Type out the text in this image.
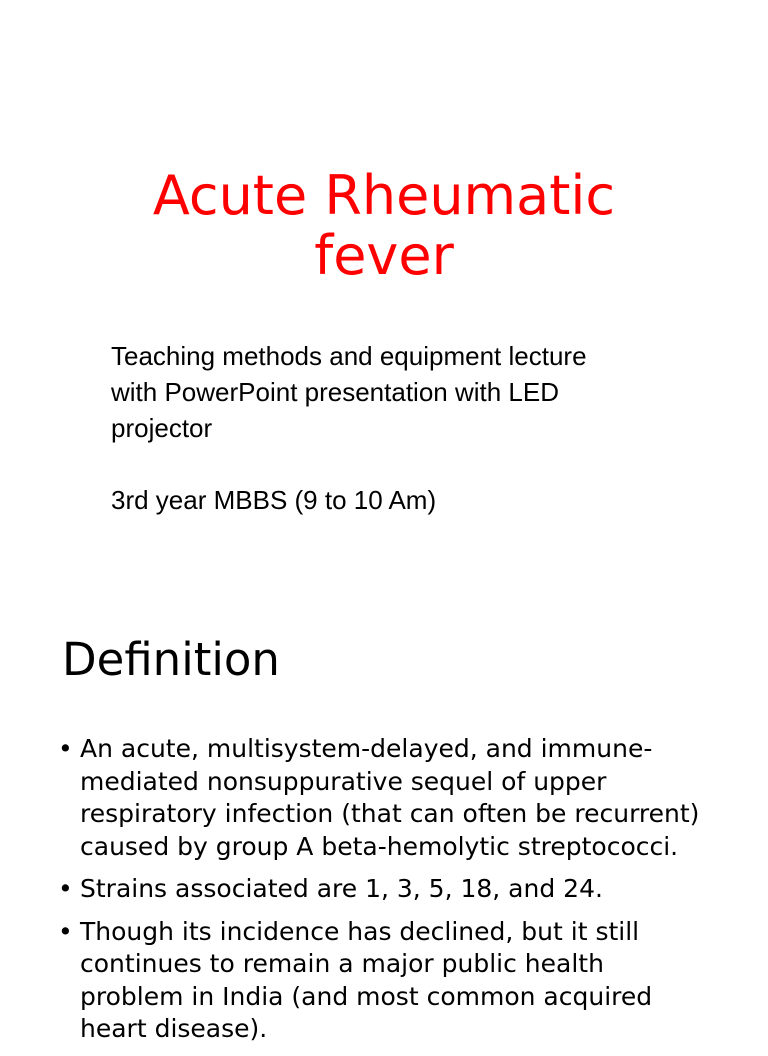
Acute Rheumatic
fever

Teaching methods and equipment lecture

with PowerPoint presentation with LED

projector

3rd year MBBS (9 to 10 Am)

Definition
• An acute, multisystem-delayed, and immune-mediated nonsuppurative sequel of upper respiratory infection (that can often be recurrent) caused by group A beta-hemolytic streptococci.
• Strains associated are 1, 3, 5, 18, and 24.
• Though its incidence has declined, but it still continues to remain a major public health problem in India (and most common acquired heart disease).
